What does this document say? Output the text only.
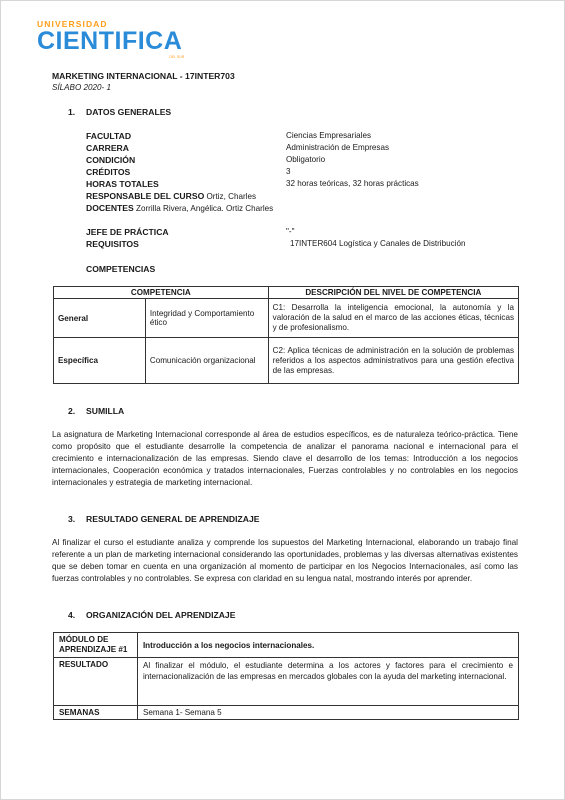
UNIVERSIDAD
CIENTIFICA
DEL SUR
MARKETING INTERNACIONAL - 17INTER703
SÍLABO 2020- 1
1. DATOS GENERALES
FACULTAD	Ciencias Empresariales
CARRERA	Administración de Empresas
CONDICIÓN	Obligatorio
CRÉDITOS	3
HORAS TOTALES	32 horas teóricas, 32 horas prácticas
RESPONSABLE DEL CURSO Ortiz, Charles
DOCENTES Zorrilla Rivera, Angélica. Ortiz Charles
JEFE DE PRÁCTICA	"-"
REQUISITOS	17INTER604 Logística y Canales de Distribución
COMPETENCIAS
COMPETENCIA		DESCRIPCIÓN DEL NIVEL DE COMPETENCIA
General	Integridad y Comportamiento ético	C1: Desarrolla la inteligencia emocional, la autonomía y la valoración de la salud en el marco de las acciones éticas, técnicas y de profesionalismo.
Específica	Comunicación organizacional	C2: Aplica técnicas de administración en la solución de problemas referidos a los aspectos administrativos para una gestión efectiva de las empresas.
2. SUMILLA
La asignatura de Marketing Internacional corresponde al área de estudios específicos, es de naturaleza teórico-práctica. Tiene como propósito que el estudiante desarrolle la competencia de analizar el panorama nacional e internacional para el crecimiento e internacionalización de las empresas. Siendo clave el desarrollo de los temas: Introducción a los negocios internacionales, Cooperación económica y tratados internacionales, Fuerzas controlables y no controlables en los negocios internacionales y estrategia de marketing internacional.
3. RESULTADO GENERAL DE APRENDIZAJE
Al finalizar el curso el estudiante analiza y comprende los supuestos del Marketing Internacional, elaborando un trabajo final referente a un plan de marketing internacional considerando las oportunidades, problemas y las diversas alternativas existentes que se deben tomar en cuenta en una organización al momento de participar en los Negocios Internacionales, así como las fuerzas controlables y no controlables. Se expresa con claridad en su lengua natal, mostrando interés por aprender.
4. ORGANIZACIÓN DEL APRENDIZAJE
MÓDULO DE APRENDIZAJE #1	Introducción a los negocios internacionales.
RESULTADO	Al finalizar el módulo, el estudiante determina a los actores y factores para el crecimiento e internacionalización de las empresas en mercados globales con la ayuda del marketing internacional.
SEMANAS	Semana 1- Semana 5
